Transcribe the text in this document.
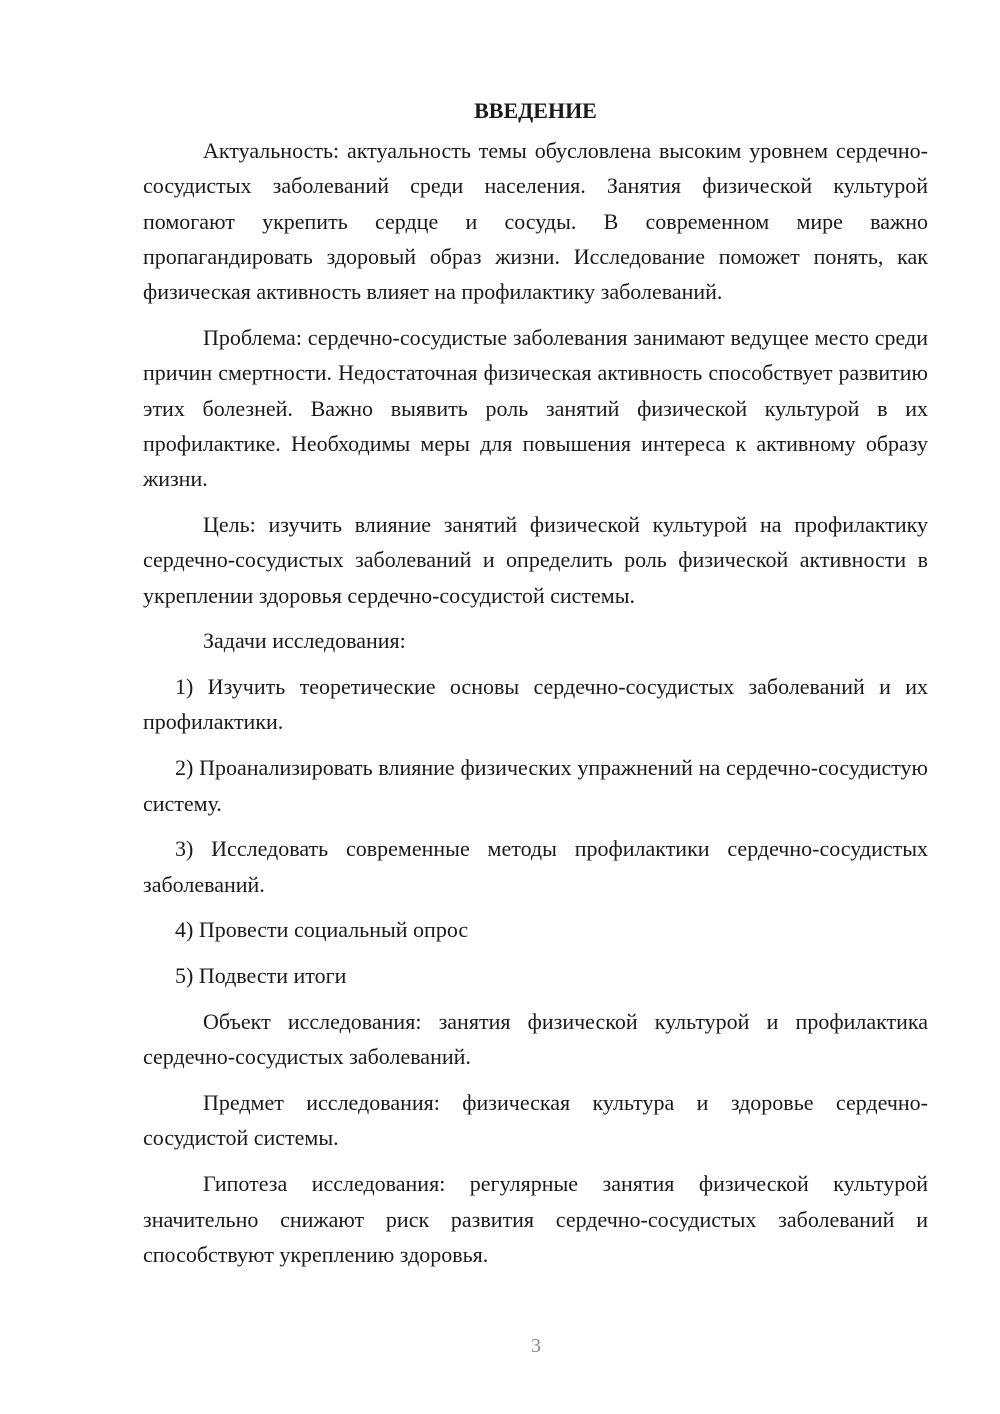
ВВЕДЕНИЕ

Актуальность: актуальность темы обусловлена высоким уровнем сердечно-сосудистых заболеваний среди населения. Занятия физической культурой помогают укрепить сердце и сосуды. В современном мире важно пропагандировать здоровый образ жизни. Исследование поможет понять, как физическая активность влияет на профилактику заболеваний.

Проблема: сердечно-сосудистые заболевания занимают ведущее место среди причин смертности. Недостаточная физическая активность способствует развитию этих болезней. Важно выявить роль занятий физической культурой в их профилактике. Необходимы меры для повышения интереса к активному образу жизни.

Цель: изучить влияние занятий физической культурой на профилактику сердечно-сосудистых заболеваний и определить роль физической активности в укреплении здоровья сердечно-сосудистой системы.

Задачи исследования:

1) Изучить теоретические основы сердечно-сосудистых заболеваний и их профилактики.

2) Проанализировать влияние физических упражнений на сердечно-сосудистую систему.

3) Исследовать современные методы профилактики сердечно-сосудистых заболеваний.

4) Провести социальный опрос

5) Подвести итоги

Объект исследования: занятия физической культурой и профилактика сердечно-сосудистых заболеваний.

Предмет исследования: физическая культура и здоровье сердечно-сосудистой системы.

Гипотеза исследования: регулярные занятия физической культурой значительно снижают риск развития сердечно-сосудистых заболеваний и способствуют укреплению здоровья.

3
